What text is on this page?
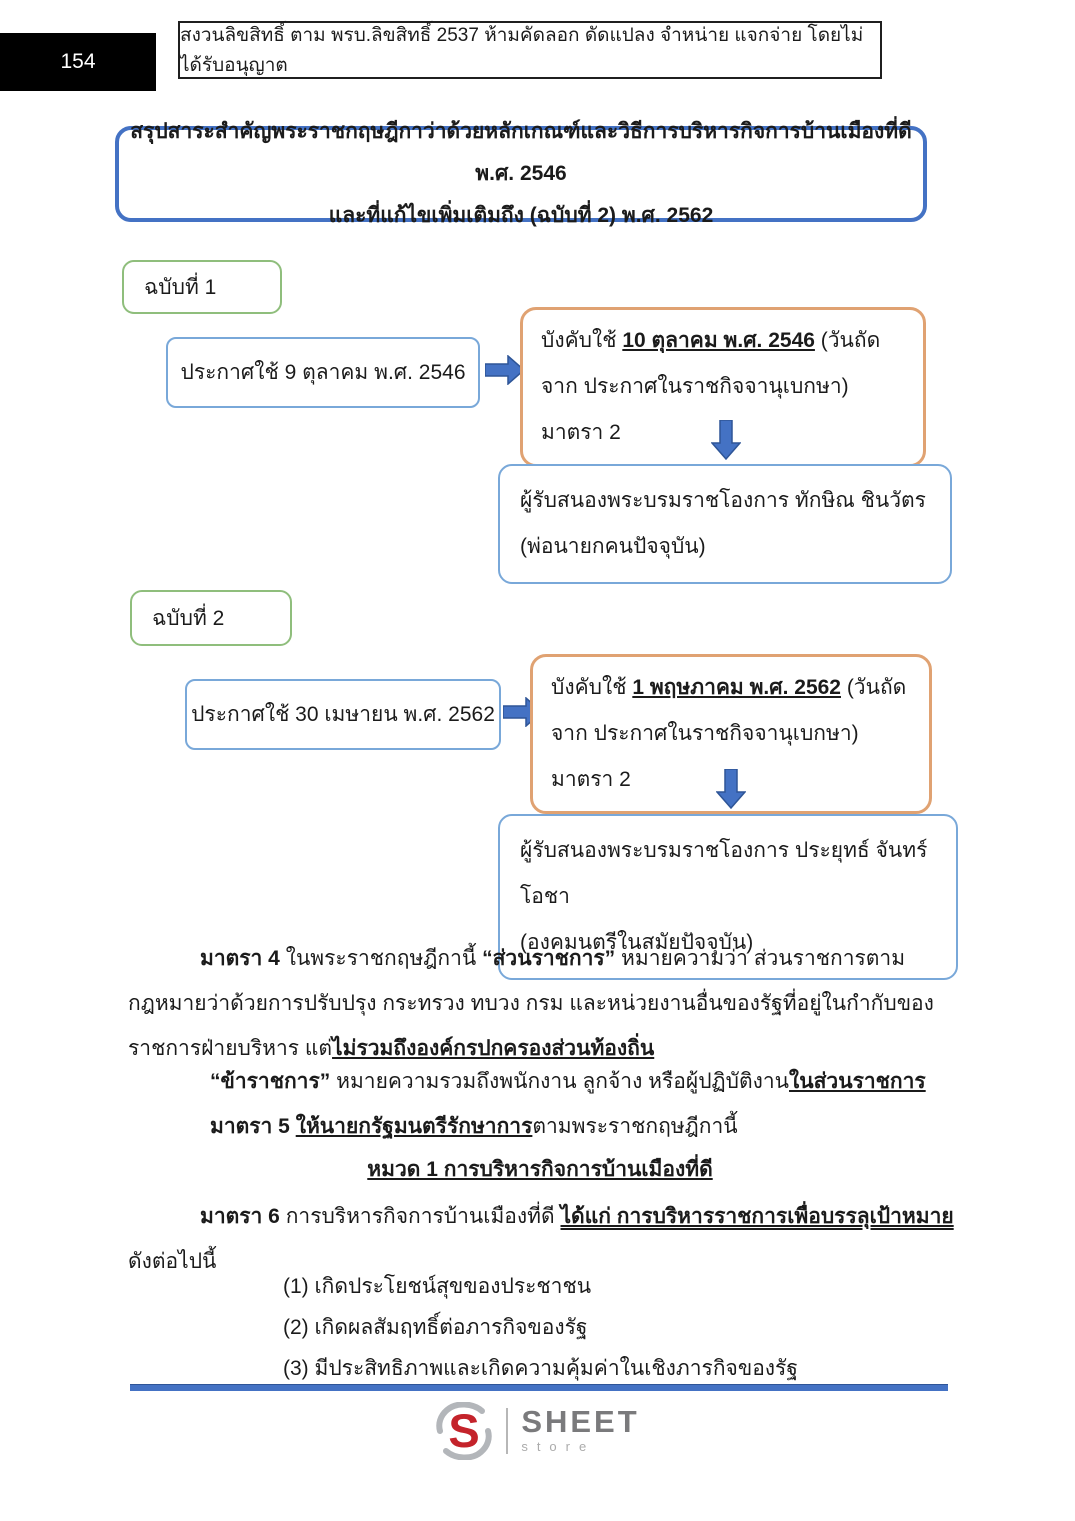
154
สงวนลิขสิทธิ์ ตาม พรบ.ลิขสิทธิ์ 2537 ห้ามคัดลอก ดัดแปลง จำหน่าย แจกจ่าย โดยไม่ได้รับอนุญาต
สรุปสาระสำคัญพระราชกฤษฎีกาว่าด้วยหลักเกณฑ์และวิธีการบริหารกิจการบ้านเมืองที่ดี พ.ศ. 2546
และที่แก้ไขเพิ่มเติมถึง (ฉบับที่ 2) พ.ศ. 2562
ฉบับที่ 1
ประกาศใช้ 9 ตุลาคม พ.ศ. 2546
บังคับใช้ 10 ตุลาคม พ.ศ. 2546 (วันถัดจาก ประกาศในราชกิจจานุเบกษา) มาตรา 2
ผู้รับสนองพระบรมราชโองการ ทักษิณ ชินวัตร
(พ่อนายกคนปัจจุบัน)
ฉบับที่ 2
ประกาศใช้ 30 เมษายน พ.ศ. 2562
บังคับใช้ 1 พฤษภาคม พ.ศ. 2562 (วันถัดจาก ประกาศในราชกิจจานุเบกษา) มาตรา 2
ผู้รับสนองพระบรมราชโองการ ประยุทธ์ จันทร์โอชา
(องคมนตรีในสมัยปัจจุบัน)
มาตรา 4 ในพระราชกฤษฎีกานี้ “ส่วนราชการ” หมายความว่า ส่วนราชการตามกฎหมายว่าด้วยการปรับปรุง กระทรวง ทบวง กรม และหน่วยงานอื่นของรัฐที่อยู่ในกำกับของราชการฝ่ายบริหาร แต่ไม่รวมถึงองค์กรปกครองส่วนท้องถิ่น
“ข้าราชการ” หมายความรวมถึงพนักงาน ลูกจ้าง หรือผู้ปฏิบัติงานในส่วนราชการ
มาตรา 5 ให้นายกรัฐมนตรีรักษาการตามพระราชกฤษฎีกานี้
หมวด 1 การบริหารกิจการบ้านเมืองที่ดี
มาตรา 6 การบริหารกิจการบ้านเมืองที่ดี ได้แก่ การบริหารราชการเพื่อบรรลุเป้าหมาย
ดังต่อไปนี้
(1) เกิดประโยชน์สุขของประชาชน
(2) เกิดผลสัมฤทธิ์ต่อภารกิจของรัฐ
(3) มีประสิทธิภาพและเกิดความคุ้มค่าในเชิงภารกิจของรัฐ
S SHEET
store
